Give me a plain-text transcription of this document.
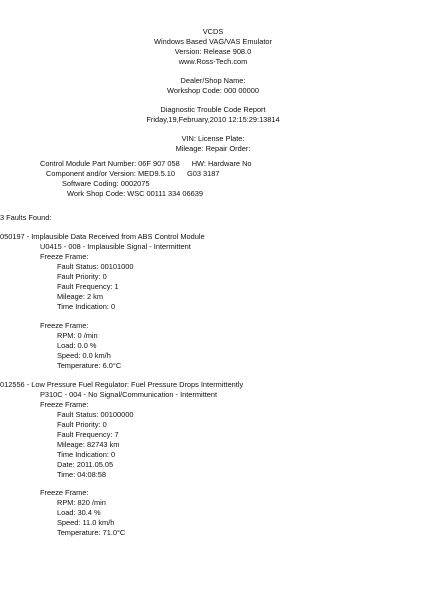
VCDS
Windows Based VAG/VAS Emulator
Version: Release 908.0
www.Ross-Tech.com
Dealer/Shop Name:
Workshop Code: 000 00000
Diagnostic Trouble Code Report
Friday,19,February,2010 12:15:29:13814
VIN: License Plate:
Mileage: Repair Order:
Control Module Part Number: 06F 907 058 HW: Hardware No
Component and/or Version: MED9.5.10 G03 3187
Software Coding: 0002075
Work Shop Code: WSC 00111 334 06639
3 Faults Found:
050197 - Implausible Data Received from ABS Control Module
U0415 - 008 - Implausible Signal - Intermittent
Freeze Frame:
Fault Status: 00101000
Fault Priority: 0
Fault Frequency: 1
Mileage: 2 km
Time Indication: 0
Freeze Frame:
RPM: 0 /min
Load: 0.0 %
Speed: 0.0 km/h
Temperature: 6.0°C
012556 - Low Pressure Fuel Regulator: Fuel Pressure Drops Intermittently
P310C - 004 - No Signal/Communication - Intermittent
Freeze Frame:
Fault Status: 00100000
Fault Priority: 0
Fault Frequency: 7
Mileage: 82743 km
Time Indication: 0
Date: 2011.05.05
Time: 04:08:58
Freeze Frame:
RPM: 820 /min
Load: 30.4 %
Speed: 11.0 km/h
Temperature: 71.0°C
